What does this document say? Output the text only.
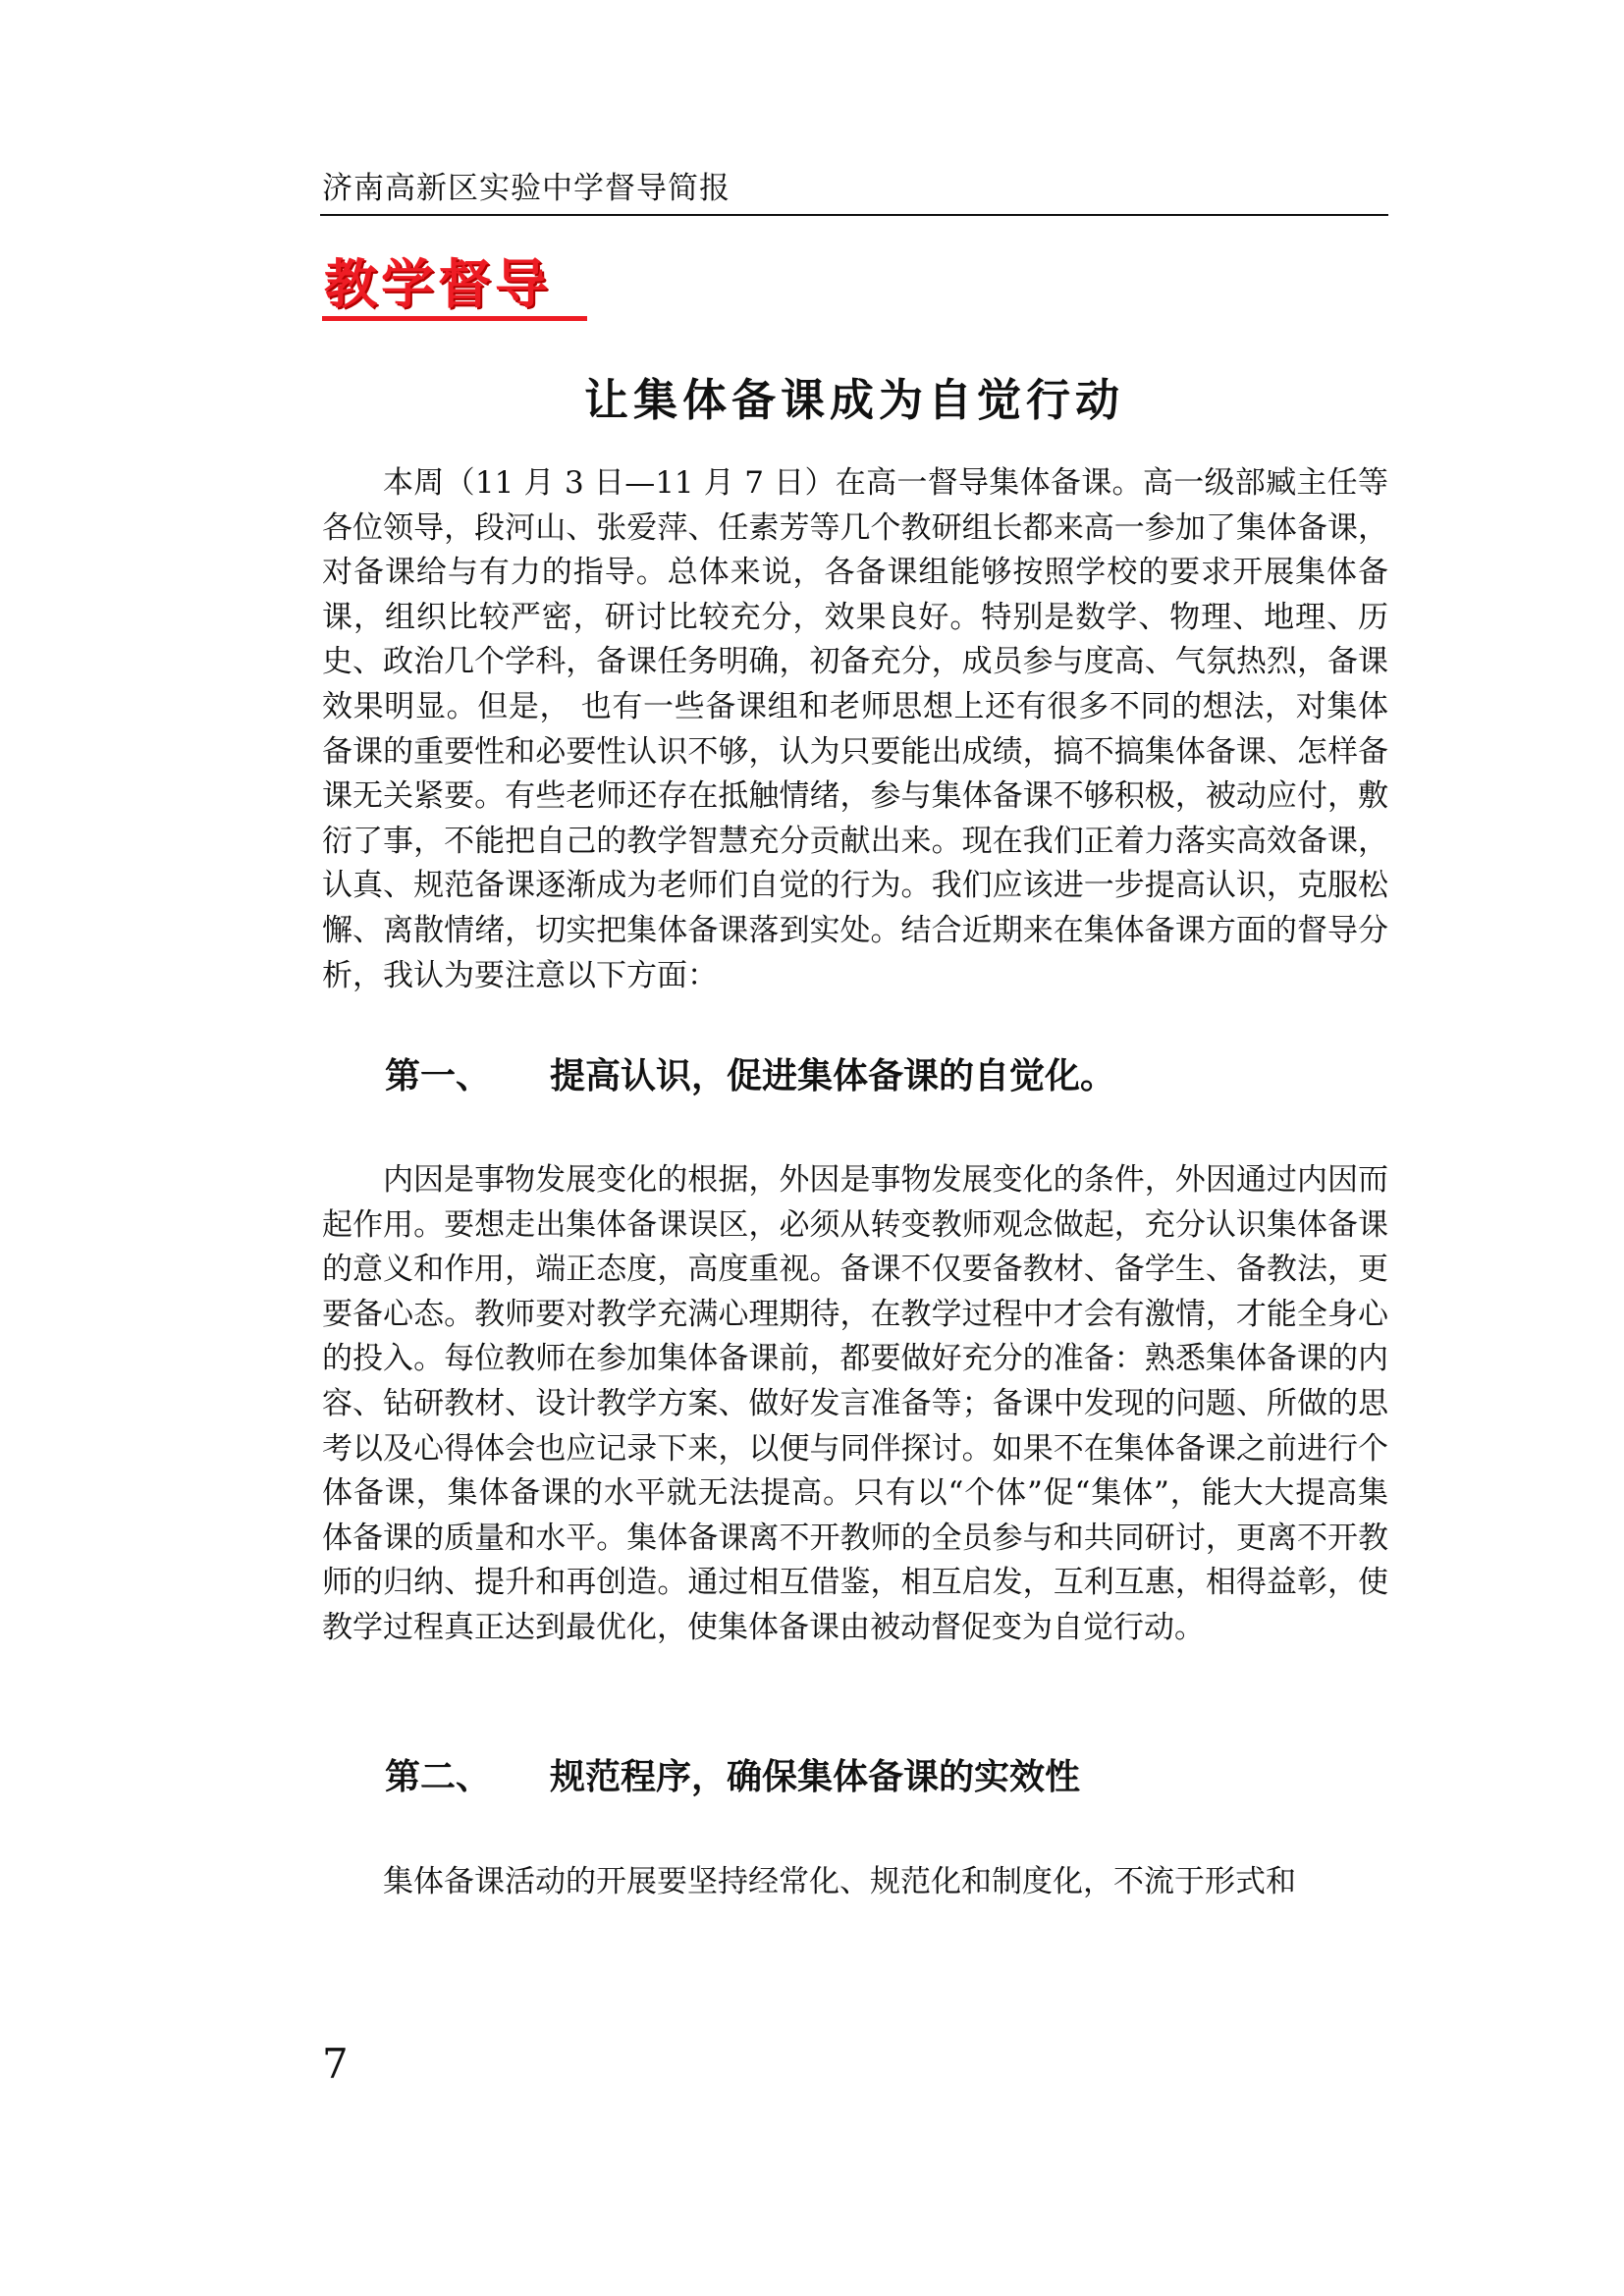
济南高新区实验中学督导简报
教学督导
让集体备课成为自觉行动

本周（11 月 3 日—11 月 7 日）在高一督导集体备课。高一级部臧主任等各位领导，段河山、张爱萍、任素芳等几个教研组长都来高一参加了集体备课，对备课给与有力的指导。总体来说，各备课组能够按照学校的要求开展集体备课，组织比较严密，研讨比较充分，效果良好。特别是数学、物理、地理、历史、政治几个学科，备课任务明确，初备充分，成员参与度高、气氛热烈，备课效果明显。但是， 也有一些备课组和老师思想上还有很多不同的想法，对集体备课的重要性和必要性认识不够，认为只要能出成绩，搞不搞集体备课、怎样备课无关紧要。有些老师还存在抵触情绪，参与集体备课不够积极，被动应付，敷衍了事，不能把自己的教学智慧充分贡献出来。现在我们正着力落实高效备课，认真、规范备课逐渐成为老师们自觉的行为。我们应该进一步提高认识，克服松懈、离散情绪，切实把集体备课落到实处。结合近期来在集体备课方面的督导分析，我认为要注意以下方面：

第一、 提高认识，促进集体备课的自觉化。

内因是事物发展变化的根据，外因是事物发展变化的条件，外因通过内因而起作用。要想走出集体备课误区，必须从转变教师观念做起，充分认识集体备课的意义和作用，端正态度，高度重视。备课不仅要备教材、备学生、备教法，更要备心态。教师要对教学充满心理期待，在教学过程中才会有激情，才能全身心的投入。每位教师在参加集体备课前，都要做好充分的准备：熟悉集体备课的内容、钻研教材、设计教学方案、做好发言准备等；备课中发现的问题、所做的思考以及心得体会也应记录下来，以便与同伴探讨。如果不在集体备课之前进行个体备课，集体备课的水平就无法提高。只有以“个体”促“集体”，能大大提高集体备课的质量和水平。集体备课离不开教师的全员参与和共同研讨，更离不开教师的归纳、提升和再创造。通过相互借鉴，相互启发，互利互惠，相得益彰，使教学过程真正达到最优化，使集体备课由被动督促变为自觉行动。

第二、 规范程序，确保集体备课的实效性

集体备课活动的开展要坚持经常化、规范化和制度化，不流于形式和

7
